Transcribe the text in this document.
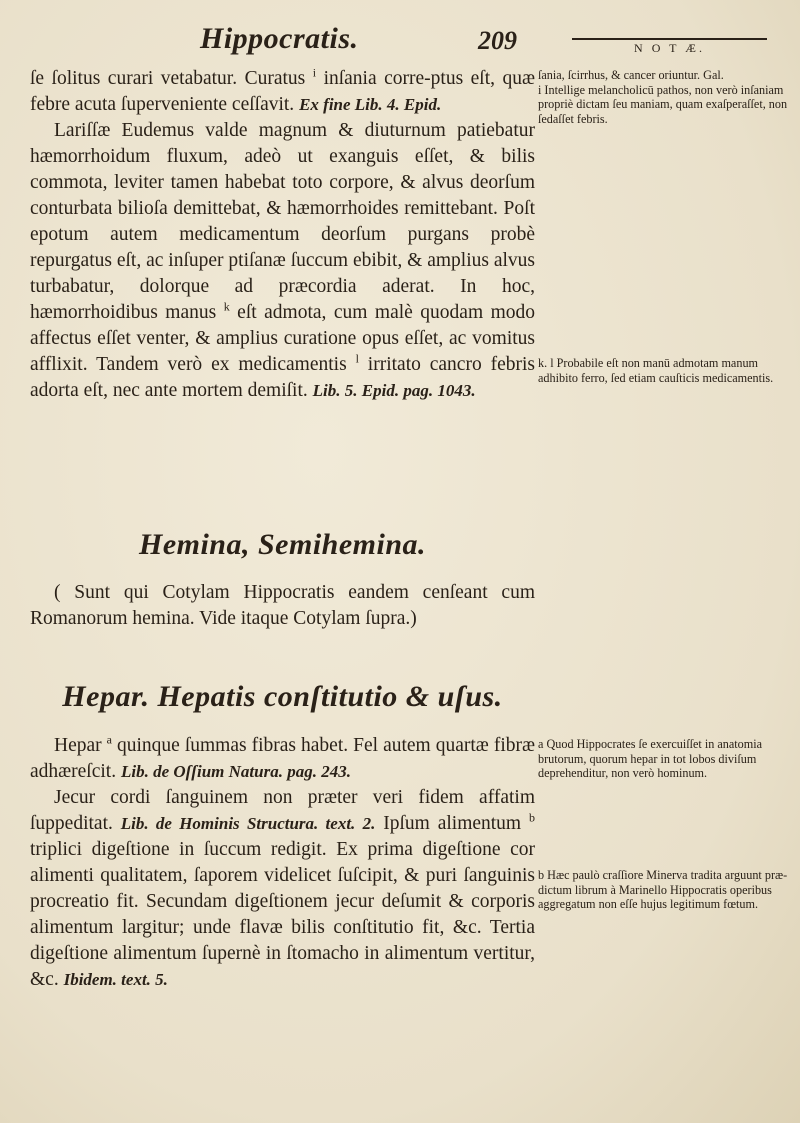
Hippocratis.	209	N O T Æ.

ſe ſolitus curari vetabatur. Curatus $^i$ inſania corre-ptus eſt, quæ febre acuta ſuperveniente ceſſavit. Ex fine Lib. 4. Epid.

Lariſſæ Eudemus valde magnum & diuturnum patiebatur hæmorrhoidum fluxum, adeò ut exanguis eſſet, & bilis commota, leviter tamen habebat toto corpore, & alvus deorſum conturbata bilioſa demittebat, & hæmorrhoides remittebant. Poſt epotum autem medicamentum deorſum purgans probè repurgatus eſt, ac inſuper ptiſanæ ſuccum ebibit, & amplius alvus turbabatur, dolorque ad præcordia aderat. In hoc, hæmorrhoidibus manus $^k$ eſt admota, cum malè quodam modo affectus eſſet venter, & amplius curatione opus eſſet, ac vomitus afflixit. Tandem verò ex medicamentis $^l$ irritato cancro febris adorta eſt, nec ante mortem demiſit. Lib. 5. Epid. pag. 1043.

ſania, ſcirrhus, & cancer oriuntur. Gal.

i Intellige melancholicū pathos, non verò inſaniam propriè dictam ſeu maniam, quam exaſperaſſet, non ſedaſſet febris.

k. l Probabile eſt non manū admotam manum adhibito ferro, ſed etiam cauſticis medicamentis.

Hemina, Semihemina.

( Sunt qui Cotylam Hippocratis eandem cenſeant cum Romanorum hemina. Vide itaque Cotylam ſupra.)

Hepar. Hepatis conſtitutio & uſus.

Hepar $^a$ quinque ſummas fibras habet. Fel autem quartæ fibræ adhæreſcit. Lib. de Oſſium Natura. pag. 243.

Jecur cordi ſanguinem non præter veri fidem affatim ſuppeditat. Lib. de Hominis Structura. text. 2. Ipſum alimentum $^b$ triplici digeſtione in ſuccum redigit. Ex prima digeſtione cor alimenti qualitatem, ſaporem videlicet ſuſcipit, & puri ſanguinis procreatio fit. Secundam digeſtionem jecur deſumit & corporis alimentum largitur; unde flavæ bilis conſtitutio fit, &c. Tertia digeſtione alimentum ſupernè in ſtomacho in alimentum vertitur, &c. Ibidem. text. 5.

a Quod Hippocrates ſe exercuiſſet in anatomia brutorum, quorum hepar in tot lobos diviſum deprehenditur, non verò hominum.

b Hæc paulò craſſiore Minerva tradita arguunt præ-dictum librum à Marinello Hippocratis operibus aggregatum non eſſe hujus legitimum fœtum.
